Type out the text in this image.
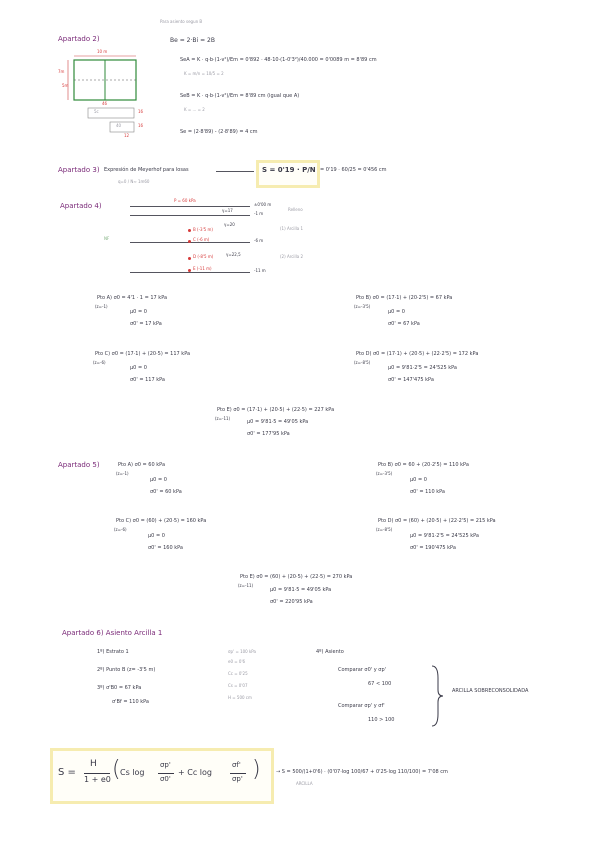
Para asiento segun B
Apartado 2)	Be = 2·Bi = 2B
SeA = K · q·b·(1-ν²)/Em = 0'892 · 48·10·(1-0'3²)/40.000 = 0'0089 m = 8'89 cm
K = m/n = 10/5 = 2
SeB = K · q·b·(1-ν²)/Em = 8'89 cm (igual que A)
K = ... = 2
Se = (2·8'89) - (2·8'89) = 4 cm
10 m
7m
5m
46
5c
40
16
16
12
Apartado 3) Expresión de Meyerhof para losas	S = 0'19 · P/N = 0'19 · 60/25 = 0'456 cm
q=0 / N≈ 1m60
Apartado 4)
P = 60 kPa
±0'00 m
-1 m
-6 m
-11 m
γ=17
γ=20
γ=22,5
B (-3'5 m)
C (-6 m)
D (-8'5 m)
E (-11 m)
Relleno
(1) Arcilla 1
(2) Arcilla 2
NF
Pto A) σ0 = 4'1 · 1 = 17 kPa
(z=-1)
μ0 = 0
σ0' = 17 kPa
Pto B) σ0 = (17·1) + (20·2'5) = 67 kPa
(z=-3'5)
μ0 = 0
σ0' = 67 kPa
Pto C) σ0 = (17·1) + (20·5) = 117 kPa
(z=-6)
μ0 = 0
σ0' = 117 kPa
Pto D) σ0 = (17·1) + (20·5) + (22·2'5) = 172 kPa
(z=-8'5)
μ0 = 9'81·2'5 = 24'525 kPa
σ0' = 147'475 kPa
Pto E) σ0 = (17·1) + (20·5) + (22·5) = 227 kPa
(z=-11)
μ0 = 9'81·5 = 49'05 kPa
σ0' = 177'95 kPa
Apartado 5)	Pto A) σ0 = 60 kPa
(z=-1)
μ0 = 0
σ0' = 60 kPa
Pto B) σ0 = 60 + (20·2'5) = 110 kPa
(z=-3'5)
μ0 = 0
σ0' = 110 kPa
Pto C) σ0 = (60) + (20·5) = 160 kPa
(z=-6)
μ0 = 0
σ0' = 160 kPa
Pto D) σ0 = (60) + (20·5) + (22·2'5) = 215 kPa
(z=-8'5)
μ0 = 9'81·2'5 = 24'525 kPa
σ0' = 190'475 kPa
Pto E) σ0 = (60) + (20·5) + (22·5) = 270 kPa
(z=-11)
μ0 = 9'81·5 = 49'05 kPa
σ0' = 220'95 kPa
Apartado 6) Asiento Arcilla 1
1º) Estrato 1
2º) Punto B (z= -3'5 m)
3º) σ'B0 = 67 kPa
σ'Bf = 110 kPa
σp' = 100 kPa
e0 = 0'6
Cc = 0'25
Cs = 0'07
H = 500 cm
4º) Asiento
Comparar σ0' y σp'
67 < 100
Comparar σp' y σf'
110 > 100
ARCILLA SOBRECONSOLIDADA
S =
H
1 + e0 ( Cs log
σp'
σ0'
+ Cc log
σf'
σp' )	→ S = 500/(1+0'6) · (0'07·log 100/67 + 0'25·log 110/100) = 7'08 cm
ARCILLA
